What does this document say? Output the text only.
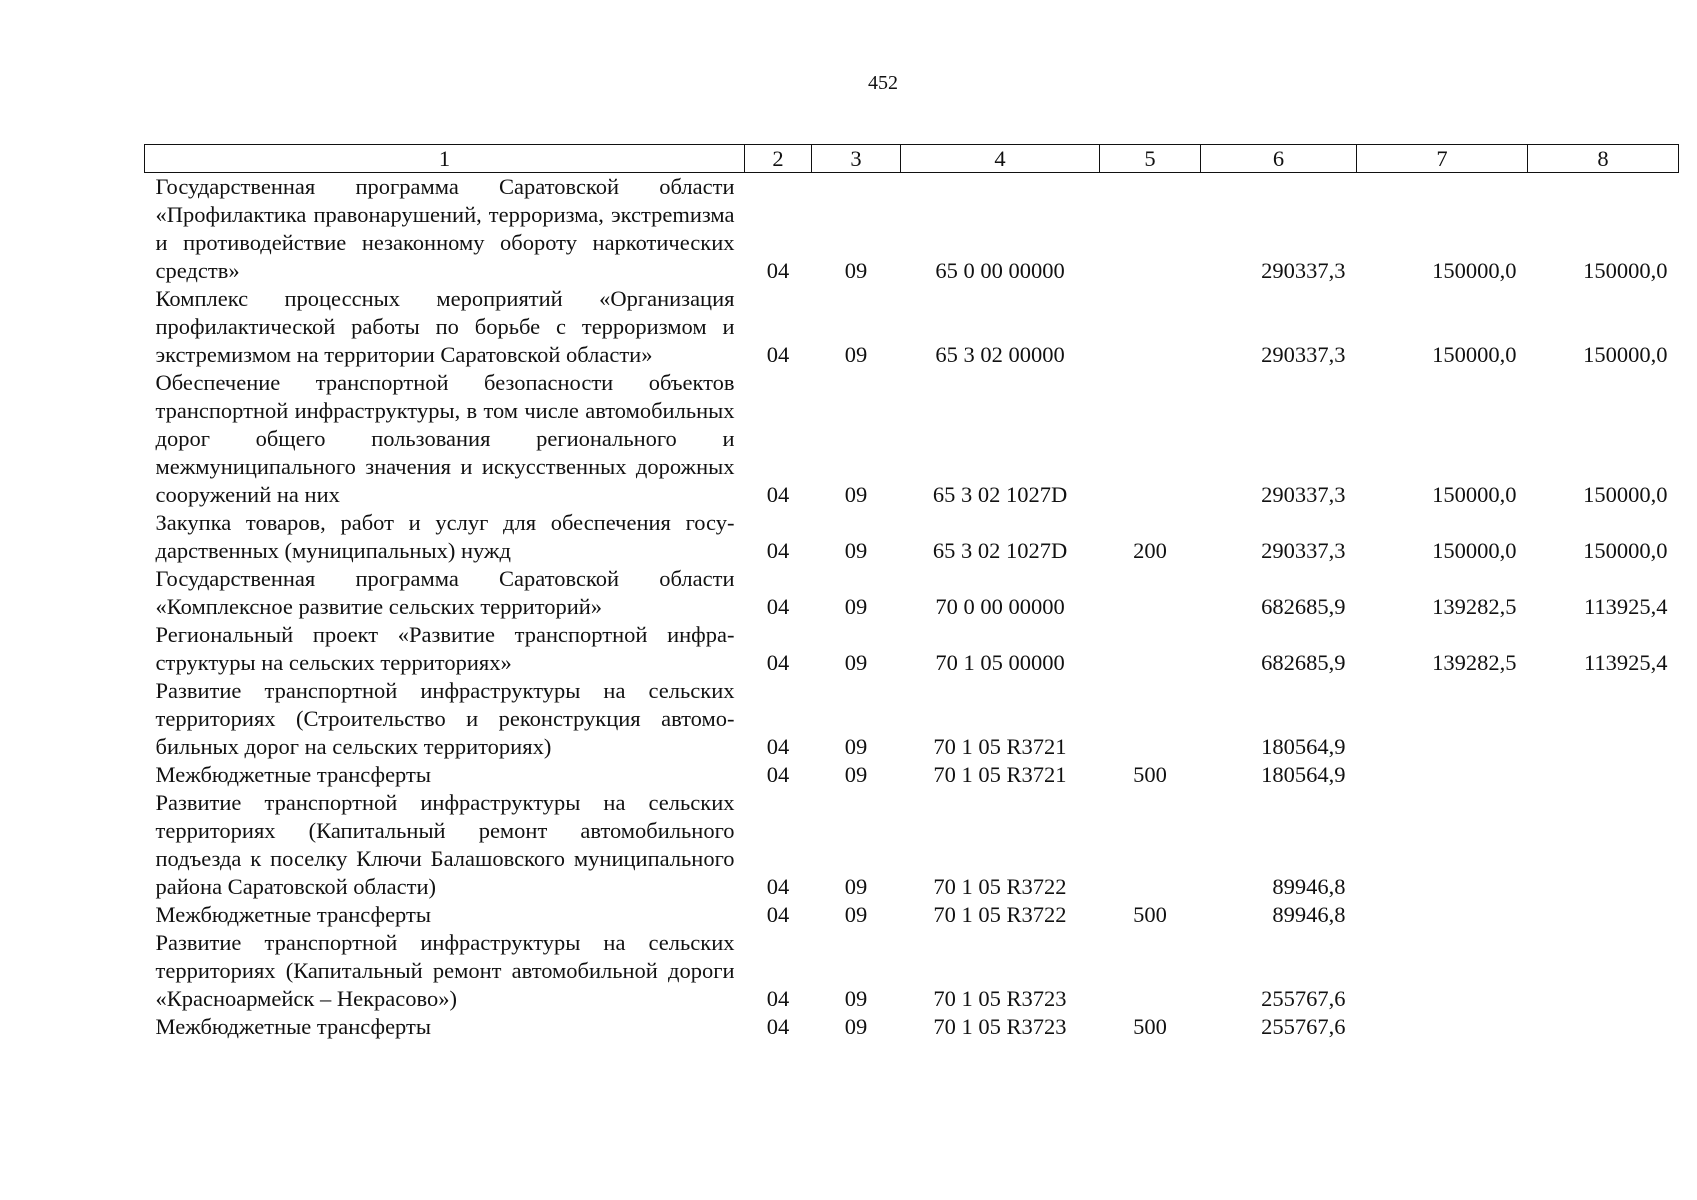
452
1	2	3	4	5	6	7	8
Государственная программа Саратовской области «Профилактика правонарушений, терроризма, экстреmизма и противодействие незаконному обороту наркотических средств»	04	09	65 0 00 00000		290337,3	150000,0	150000,0
Комплекс процессных мероприятий «Организация профилактической работы по борьбе с терроризмом и экстремизмом на территории Саратовской области»	04	09	65 3 02 00000		290337,3	150000,0	150000,0
Обеспечение транспортной безопасности объектов транспортной инфраструктуры, в том числе автомобильных дорог общего пользования регионального и межмуниципального значения и искусственных дорожных сооружений на них	04	09	65 3 02 1027D		290337,3	150000,0	150000,0
Закупка товаров, работ и услуг для обеспечения государственных (муниципальных) нужд	04	09	65 3 02 1027D	200	290337,3	150000,0	150000,0
Государственная программа Саратовской области «Комплексное развитие сельских территорий»	04	09	70 0 00 00000		682685,9	139282,5	113925,4
Региональный проект «Развитие транспортной инфраструктуры на сельских территориях»	04	09	70 1 05 00000		682685,9	139282,5	113925,4
Развитие транспортной инфраструктуры на сельских территориях (Строительство и реконструкция автомобильных дорог на сельских территориях)	04	09	70 1 05 R3721		180564,9		
Межбюджетные трансферты	04	09	70 1 05 R3721	500	180564,9		
Развитие транспортной инфраструктуры на сельских территориях (Капитальный ремонт автомобильного подъезда к поселку Ключи Балашовского муниципального района Саратовской области)	04	09	70 1 05 R3722		89946,8		
Межбюджетные трансферты	04	09	70 1 05 R3722	500	89946,8		
Развитие транспортной инфраструктуры на сельских территориях (Капитальный ремонт автомобильной дороги «Красноармейск – Некрасово»)	04	09	70 1 05 R3723		255767,6		
Межбюджетные трансферты	04	09	70 1 05 R3723	500	255767,6		
